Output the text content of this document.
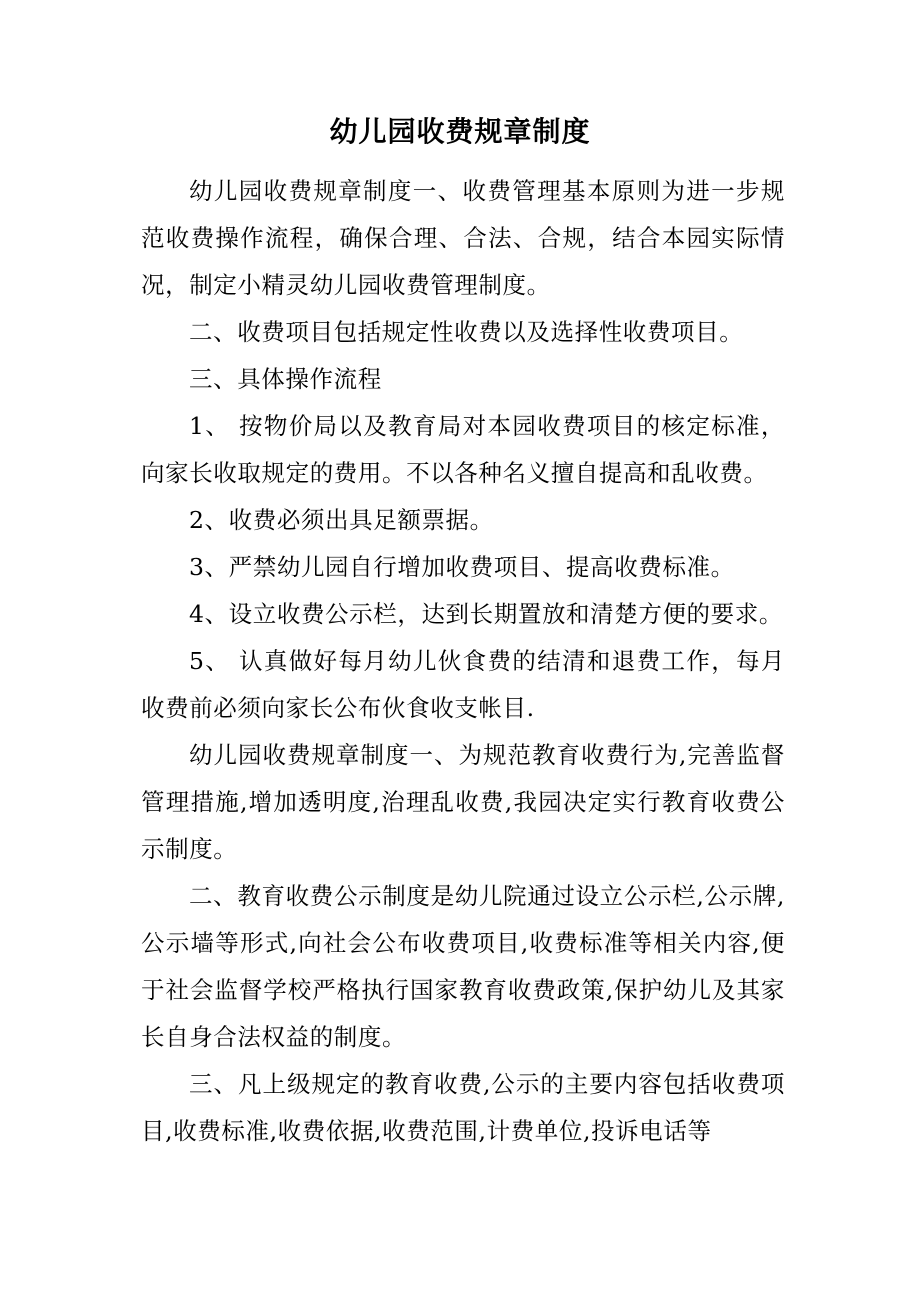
幼儿园收费规章制度

幼儿园收费规章制度一、收费管理基本原则为进一步规范收费操作流程，确保合理、合法、合规，结合本园实际情况，制定小精灵幼儿园收费管理制度。

二、收费项目包括规定性收费以及选择性收费项目。

三、具体操作流程

1、 按物价局以及教育局对本园收费项目的核定标准，向家长收取规定的费用。不以各种名义擅自提高和乱收费。

2、收费必须出具足额票据。

3、严禁幼儿园自行增加收费项目、提高收费标准。

4、设立收费公示栏，达到长期置放和清楚方便的要求。

5、 认真做好每月幼儿伙食费的结清和退费工作，每月收费前必须向家长公布伙食收支帐目.

幼儿园收费规章制度一、为规范教育收费行为,完善监督管理措施,增加透明度,治理乱收费,我园决定实行教育收费公示制度。

二、教育收费公示制度是幼儿院通过设立公示栏,公示牌,公示墙等形式,向社会公布收费项目,收费标准等相关内容,便于社会监督学校严格执行国家教育收费政策,保护幼儿及其家长自身合法权益的制度。

三、凡上级规定的教育收费,公示的主要内容包括收费项目,收费标准,收费依据,收费范围,计费单位,投诉电话等
